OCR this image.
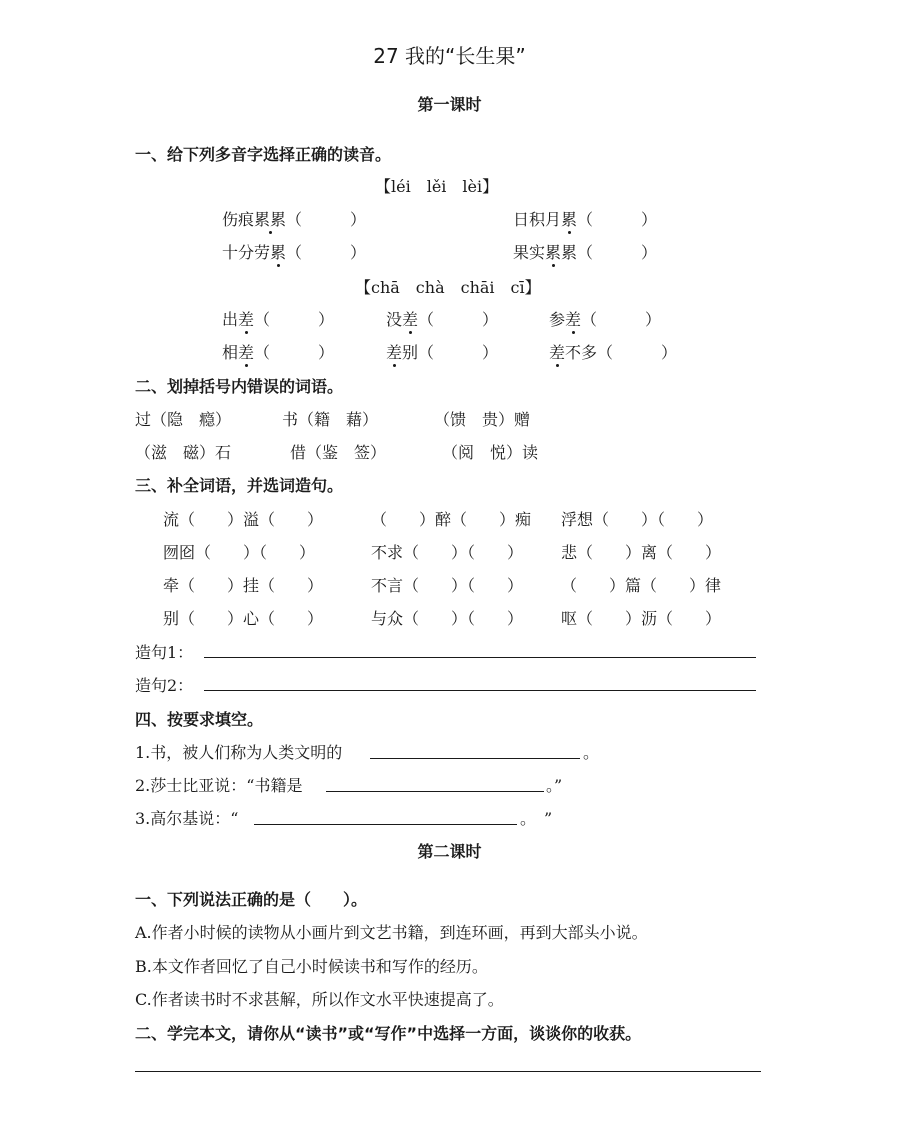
27 我的“长生果”
第一课时
一、给下列多音字选择正确的读音。
【léi　lěi　lèi】
伤痕累累（　　　）	日积月累（　　　）
十分劳累（　　　）	果实累累（　　　）
【chā　chà　chāi　cī】
出差（　　　）	没差（　　　）	参差（　　　）
相差（　　　）	差别（　　　）	差不多（　　　）
二、划掉括号内错误的词语。
过（隐　瘾）	书（籍　藉）	（馈　贵）赠
（滋　磁）石	借（鉴　签）	（阅　悦）读
三、补全词语，并选词造句。
流（　　）溢（　　）	（　　）醉（　　）痴 浮想（　　）（　　）
囫囵（　　）（　　）	不求（　　）（　　） 悲（　　）离（　　）
牵（　　）挂（　　）	不言（　　）（　　） （　　）篇（　　）律
别（　　）心（　　）	与众（　　）（　　） 呕（　　）沥（　　）
造句1：
造句2：
四、按要求填空。
1.书，被人们称为人类文明的	。
2.莎士比亚说：“书籍是	。”
3.高尔基说：“	。　”
第二课时
一、下列说法正确的是（　　）。
A.作者小时候的读物从小画片到文艺书籍，到连环画，再到大部头小说。
B.本文作者回忆了自己小时候读书和写作的经历。
C.作者读书时不求甚解，所以作文水平快速提高了。
二、学完本文，请你从“读书”或“写作”中选择一方面，谈谈你的收获。
